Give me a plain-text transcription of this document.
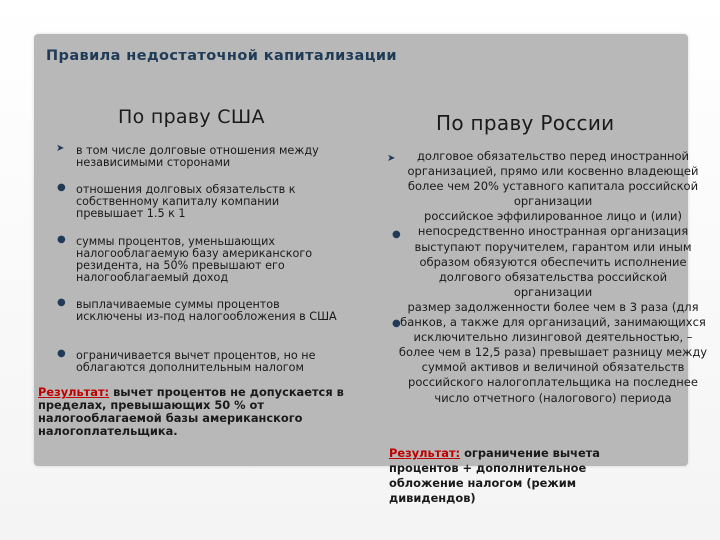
Правила недостаточной капитализации
По праву США	По праву России
➤ в том числе долговые отношения между независимыми сторонами
● отношения долговых обязательств к собственному капиталу компании превышает 1.5 к 1
● суммы процентов, уменьшающих налогооблагаемую базу американского резидента, на 50% превышают его налогооблагаемый доход
● выплачиваемые суммы процентов исключены из-под налогообложения в США
● ограничивается вычет процентов, но не облагаются дополнительным налогом
Результат: вычет процентов не допускается в пределах, превышающих 50 % от налогооблагаемой базы американского налогоплательщика.
➤
●
●
долговое обязательство перед иностранной организацией, прямо или косвенно владеющей более чем 20% уставного капитала российской организации
российское эффилированное лицо и (или) непосредственно иностранная организация выступают поручителем, гарантом или иным образом обязуются обеспечить исполнение долгового обязательства российской организации
размер задолженности более чем в 3 раза (для банков, а также для организаций, занимающихся исключительно лизинговой деятельностью, – более чем в 12,5 раза) превышает разницу между суммой активов и величиной обязательств российского налогоплательщика на последнее число отчетного (налогового) периода
Результат: ограничение вычета процентов + дополнительное обложение налогом (режим дивидендов)
